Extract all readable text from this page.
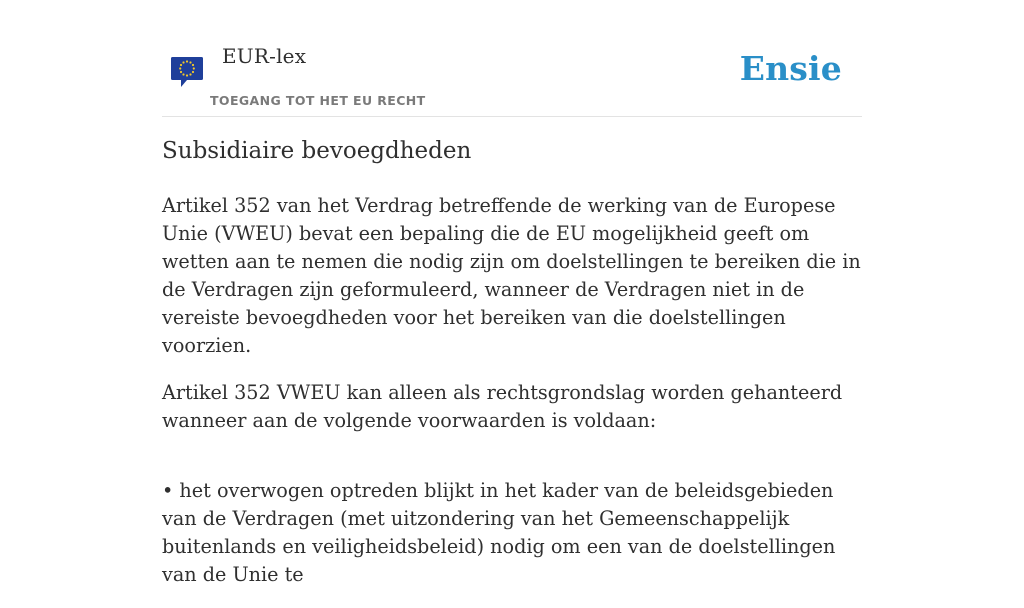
EUR-lex
TOEGANG TOT HET EU RECHT
Ensie
Subsidiaire bevoegdheden

Artikel 352 van het Verdrag betreffende de werking van de Europese Unie (VWEU) bevat een bepaling die de EU mogelijkheid geeft om wetten aan te nemen die nodig zijn om doelstellingen te bereiken die in de Verdragen zijn geformuleerd, wanneer de Verdragen niet in de vereiste bevoegdheden voor het bereiken van die doelstellingen voorzien.

Artikel 352 VWEU kan alleen als rechtsgrondslag worden gehanteerd wanneer aan de volgende voorwaarden is voldaan:

• het overwogen optreden blijkt in het kader van de beleidsgebieden van de Verdragen (met uitzondering van het Gemeenschappelijk buitenlands en veiligheidsbeleid) nodig om een van de doelstellingen van de Unie te
